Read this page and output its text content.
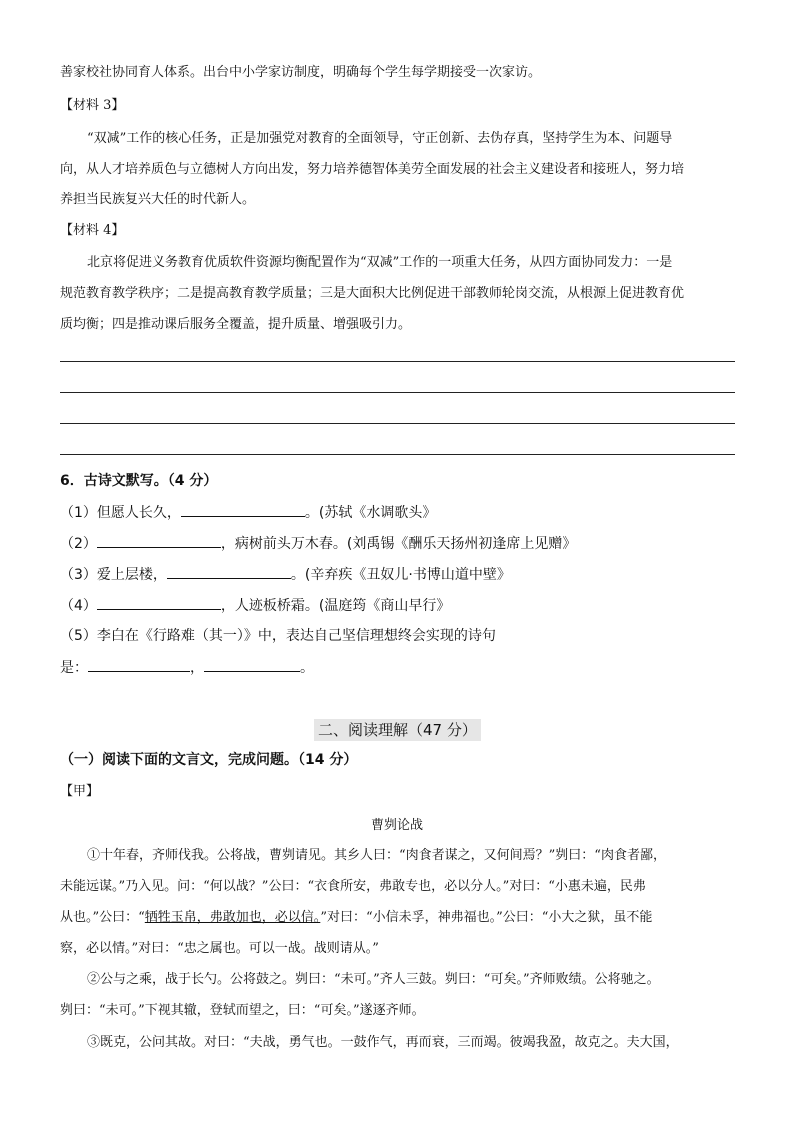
善家校社协同育人体系。出台中小学家访制度，明确每个学生每学期接受一次家访。
【材料 3】
“双减”工作的核心任务，正是加强党对教育的全面领导，守正创新、去伪存真，坚持学生为本、问题导
向，从人才培养质色与立德树人方向出发，努力培养德智体美劳全面发展的社会主义建设者和接班人，努力培
养担当民族复兴大任的时代新人。
【材料 4】
北京将促进义务教育优质软件资源均衡配置作为“双减”工作的一项重大任务，从四方面协同发力：一是
规范教育教学秩序；二是提高教育教学质量；三是大面积大比例促进干部教师轮岗交流，从根源上促进教育优
质均衡；四是推动课后服务全覆盖，提升质量、增强吸引力。
6．古诗文默写。（4 分）
（1）但愿人长久，	。(苏轼《水调歌头》
（2）	，病树前头万木春。(刘禹锡《酬乐天扬州初逢席上见赠》
（3）爱上层楼，	。(辛弃疾《丑奴儿·书博山道中壁》
（4）	，人迹板桥霜。(温庭筠《商山早行》
（5）李白在《行路难（其一）》中，表达自己坚信理想终会实现的诗句
是：	，	。
二、阅读理解（47 分）
（一）阅读下面的文言文，完成问题。（14 分）
【甲】
曹刿论战
①十年春，齐师伐我。公将战，曹刿请见。其乡人曰：“肉食者谋之，又何间焉？”刿曰：“肉食者鄙，
未能远谋。”乃入见。问：“何以战？”公曰：“衣食所安，弗敢专也，必以分人。”对曰：“小惠未遍，民弗
从也。”公曰：“牺牲玉帛，弗敢加也，必以信。”对曰：“小信未孚，神弗福也。”公曰：“小大之狱，虽不能
察，必以情。”对曰：“忠之属也。可以一战。战则请从。”
②公与之乘，战于长勺。公将鼓之。刿曰：“未可。”齐人三鼓。刿曰：“可矣。”齐师败绩。公将驰之。
刿曰：“未可。”下视其辙，登轼而望之，曰：“可矣。”遂逐齐师。
③既克，公问其故。对曰：“夫战，勇气也。一鼓作气，再而衰，三而竭。彼竭我盈，故克之。夫大国，
